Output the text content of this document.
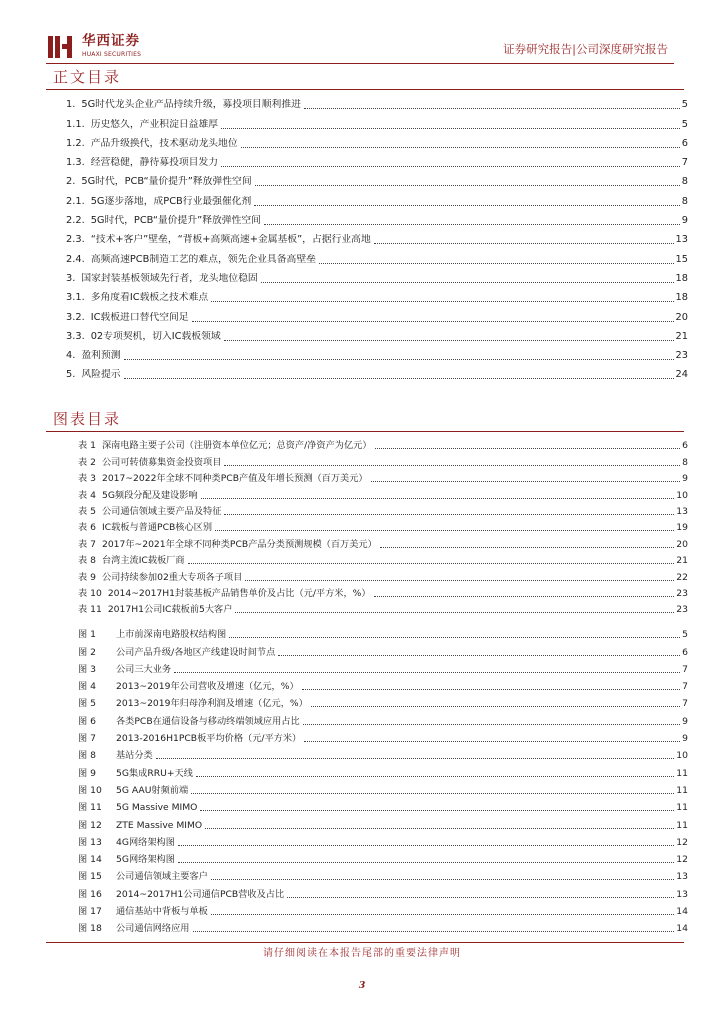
华西证券
HUAXI SECURITIES	证券研究报告|公司深度研究报告
正文目录
1. 5G时代龙头企业产品持续升级，募投项目顺利推进	5
1.1. 历史悠久，产业积淀日益雄厚	5
1.2. 产品升级换代，技术驱动龙头地位	6
1.3. 经营稳健，静待募投项目发力	7
2. 5G时代，PCB“量价提升”释放弹性空间	8
2.1. 5G逐步落地，成PCB行业最强催化剂	8
2.2. 5G时代，PCB“量价提升”释放弹性空间	9
2.3. “技术+客户”壁垒，“背板+高频高速+金属基板”，占据行业高地	13
2.4. 高频高速PCB制造工艺的难点，领先企业具备高壁垒	15
3. 国家封装基板领域先行者，龙头地位稳固	18
3.1. 多角度看IC载板之技术难点	18
3.2. IC载板进口替代空间足	20
3.3. 02专项契机，切入IC载板领域	21
4. 盈利预测	23
5. 风险提示	24
图表目录
表 1 深南电路主要子公司（注册资本单位亿元；总资产/净资产为亿元）	6
表 2 公司可转债募集资金投资项目	8
表 3 2017~2022年全球不同种类PCB产值及年增长预测（百万美元）	9
表 4 5G频段分配及建设影响	10
表 5 公司通信领域主要产品及特征	13
表 6 IC载板与普通PCB核心区别	19
表 7 2017年~2021年全球不同种类PCB产品分类预测规模（百万美元）	20
表 8 台湾主流IC载板厂商	21
表 9 公司持续参加02重大专项各子项目	22
表 10 2014~2017H1封装基板产品销售单价及占比（元/平方米，%）	23
表 11 2017H1公司IC载板前5大客户	23
图 1	上市前深南电路股权结构图	5
图 2	公司产品升级/各地区产线建设时间节点	6
图 3	公司三大业务	7
图 4	2013~2019年公司营收及增速（亿元，%）	7
图 5	2013~2019年归母净利润及增速（亿元，%）	7
图 6	各类PCB在通信设备与移动终端领域应用占比	9
图 7	2013-2016H1PCB板平均价格（元/平方米）	9
图 8	基站分类	10
图 9	5G集成RRU+天线	11
图 10	5G AAU射频前端	11
图 11	5G Massive MIMO	11
图 12	ZTE Massive MIMO	11
图 13	4G网络架构图	12
图 14	5G网络架构图	12
图 15	公司通信领域主要客户	13
图 16	2014~2017H1公司通信PCB营收及占比	13
图 17	通信基站中背板与单板	14
图 18	公司通信网络应用	14
请仔细阅读在本报告尾部的重要法律声明
3
